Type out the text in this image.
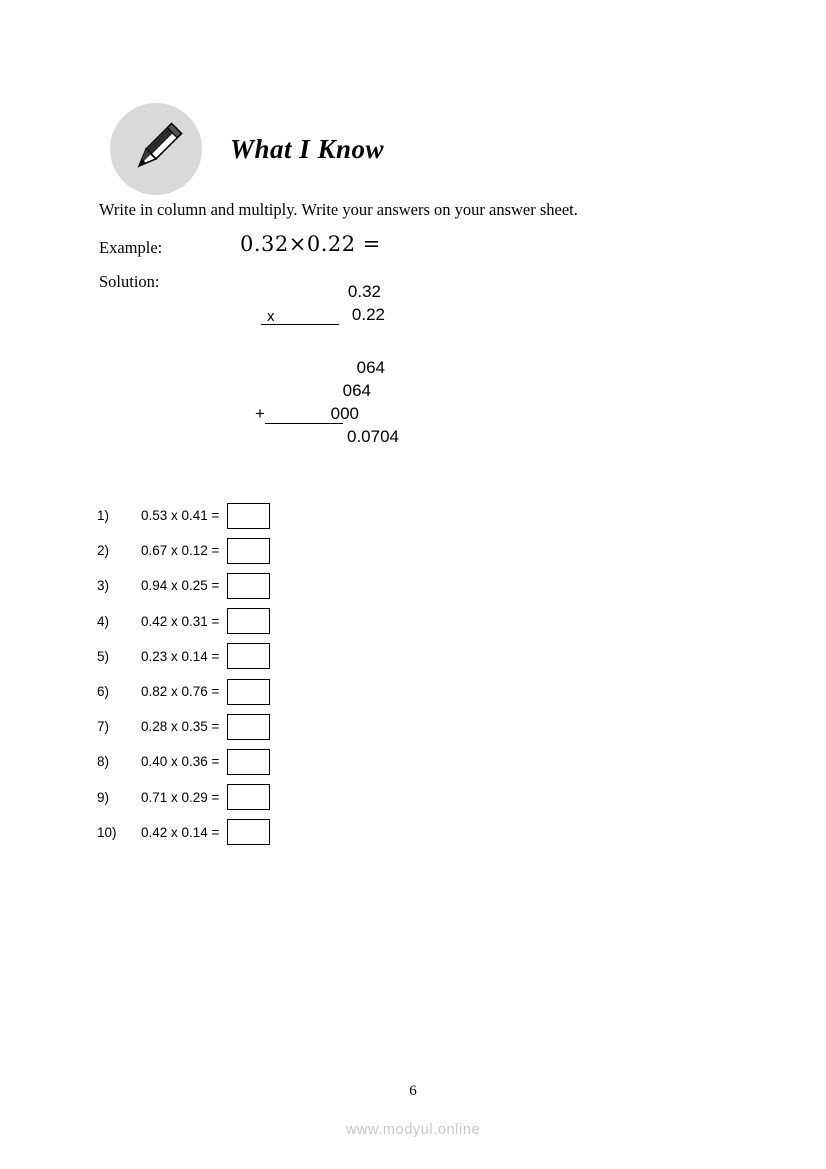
What I Know
Write in column and multiply. Write your answers on your answer sheet.
Example:	0.32×0.22 =
Solution:
0.32
x	0.22
064
064
+	000
0.0704
1)	0.53 x 0.41 =
2)	0.67 x 0.12 =
3)	0.94 x 0.25 =
4)	0.42 x 0.31 =
5)	0.23 x 0.14 =
6)	0.82 x 0.76 =
7)	0.28 x 0.35 =
8)	0.40 x 0.36 =
9)	0.71 x 0.29 =
10)	0.42 x 0.14 =
6
www.modyul.online
